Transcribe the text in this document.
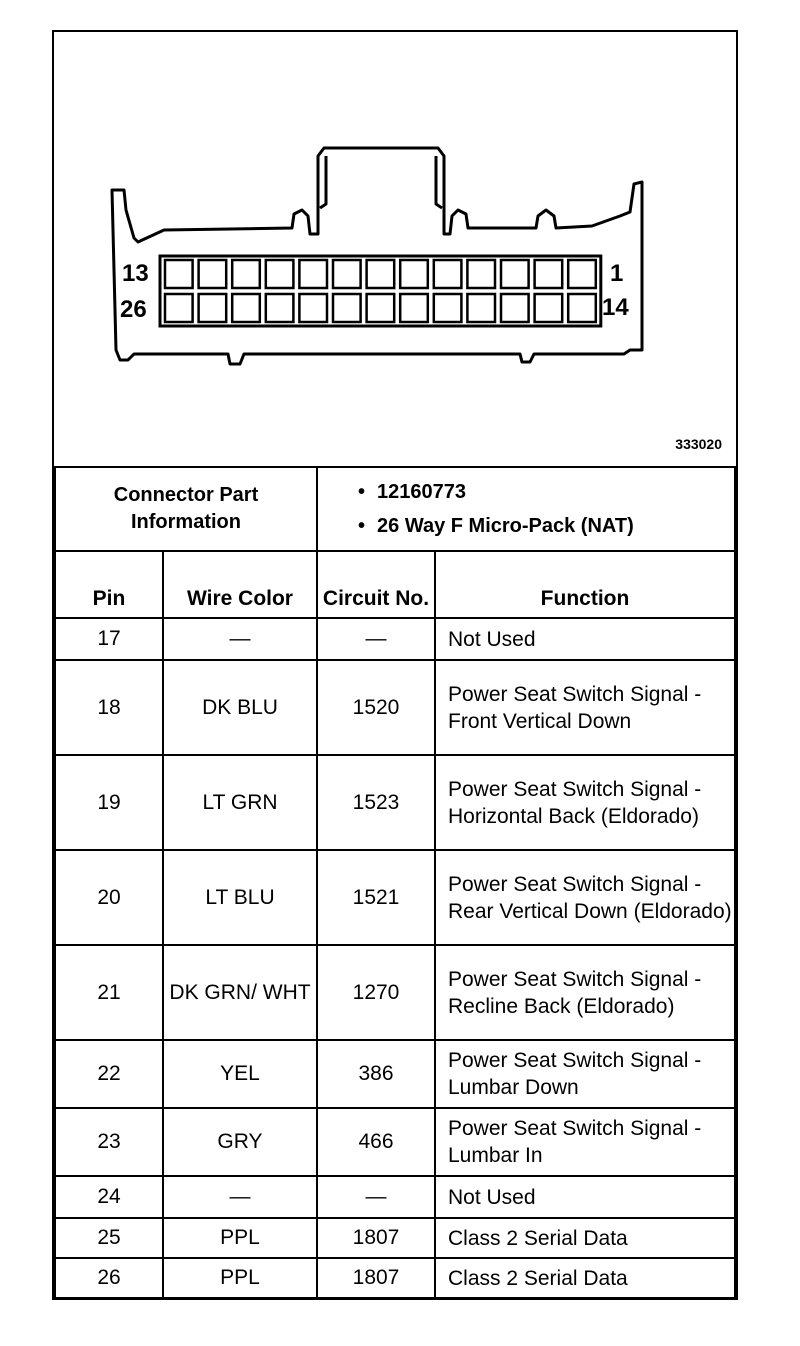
13	1
26	14
333020
Connector Part Information	
• 12160773
• 26 Way F Micro-Pack (NAT)
Pin	Wire Color	Circuit No.	Function
17	—	—	Not Used
18	DK BLU	1520	Power Seat Switch Signal - Front Vertical Down
19	LT GRN	1523	Power Seat Switch Signal - Horizontal Back (Eldorado)
20	LT BLU	1521	Power Seat Switch Signal - Rear Vertical Down (Eldorado)
21	DK GRN/ WHT	1270	Power Seat Switch Signal - Recline Back (Eldorado)
22	YEL	386	Power Seat Switch Signal - Lumbar Down
23	GRY	466	Power Seat Switch Signal - Lumbar In
24	—	—	Not Used
25	PPL	1807	Class 2 Serial Data
26	PPL	1807	Class 2 Serial Data
